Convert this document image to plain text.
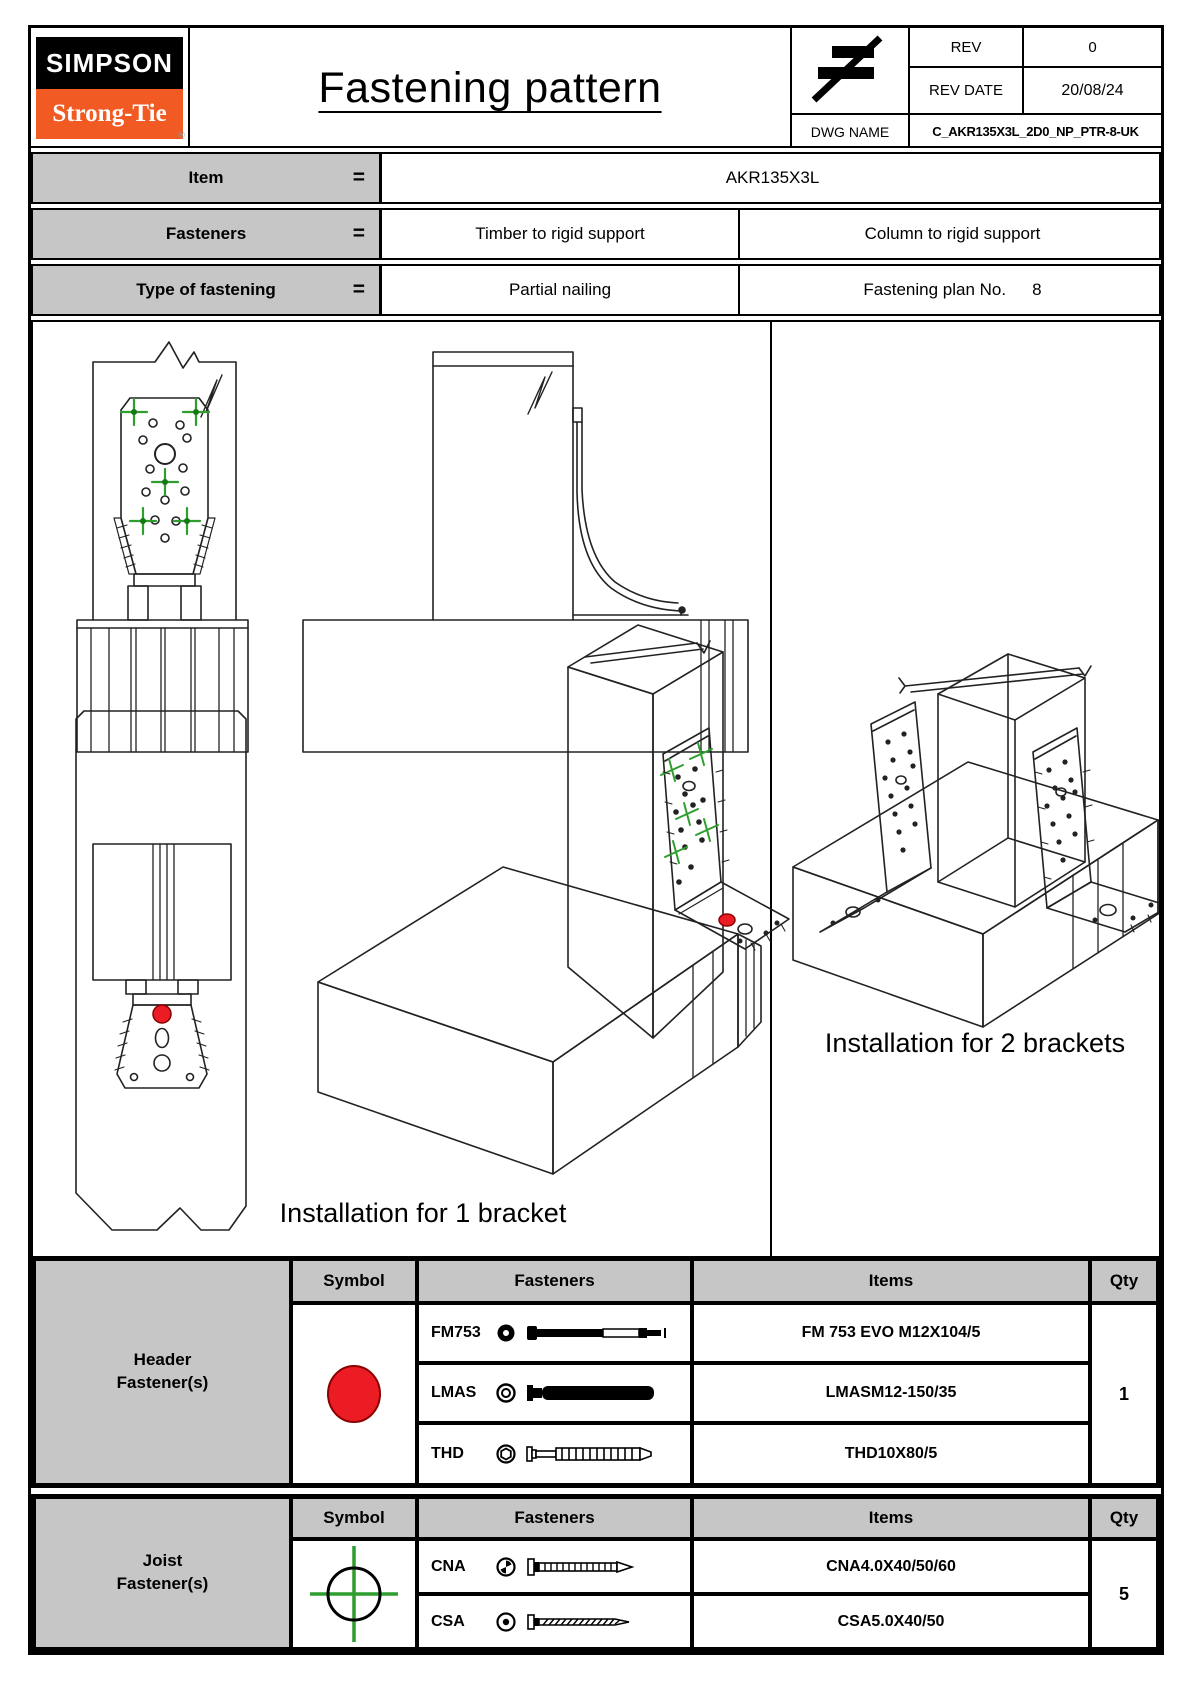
SIMPSON
Strong-Tie
®
Fastening pattern
REV	0
REV DATE	20/08/24
DWG NAME	C_AKR135X3L_2D0_NP_PTR-8-UK
Item	=	AKR135X3L
Fasteners	=	Timber to rigid support	Column to rigid support
Type of fastening	=	Partial nailing	Fastening plan No. 8
Installation for 1 bracket
Installation for 2 brackets
Header
Fastener(s)
Symbol	Fasteners	Items	Qty
FM753	FM 753 EVO M12X104/5
LMAS	LMASM12-150/35
THD	THD10X80/5
1
Joist
Fastener(s)
Symbol	Fasteners	Items	Qty
CNA	CNA4.0X40/50/60
CSA	CSA5.0X40/50
5
